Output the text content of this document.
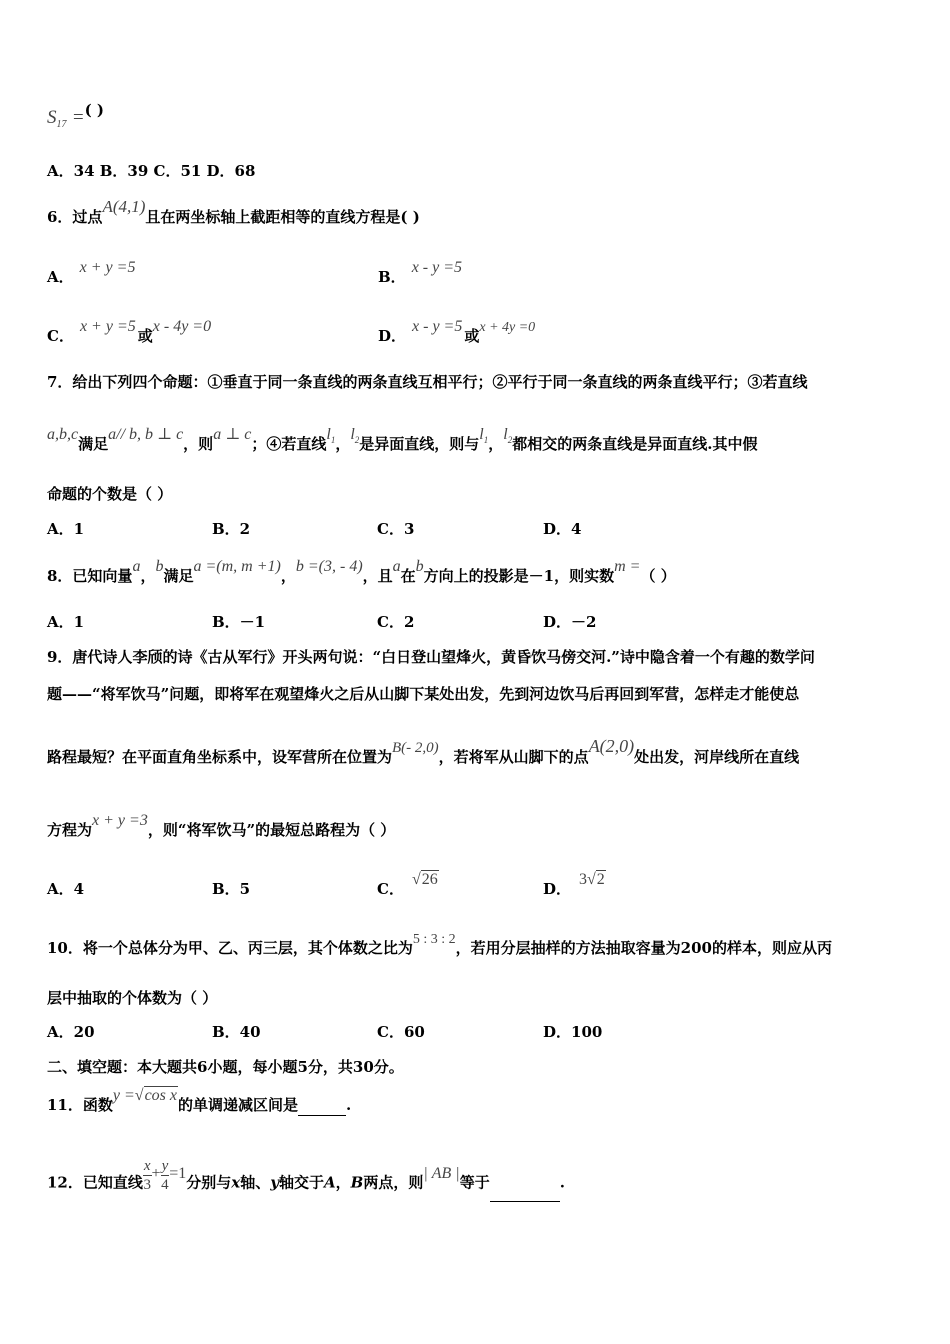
$S_{17}$ =( )
A．34 B．39 C．51 D．68
6．过点A(4,1)且在两坐标轴上截距相等的直线方程是( )
A．x + y =5
B．x - y =5
C．x + y =5或x - 4y =0
D．x - y =5或x + 4y =0
7．给出下列四个命题：①垂直于同一条直线的两条直线互相平行；②平行于同一条直线的两条直线平行；③若直线
a,b,c满足a// b, b ⊥ c，则a ⊥ c；④若直线$l^1$，$l^2$是异面直线，则与$l^1$，$l^2$都相交的两条直线是异面直线.其中假
命题的个数是（ ）
A．1	B．2	C．3	D．4
8．已知向量a，b满足a =(m, m +1)，b =(3, - 4)，且a在b方向上的投影是－1，则实数m =（ ）
A．1	B．－1	C．2	D．－2
9．唐代诗人李颀的诗《古从军行》开头两句说：“白日登山望烽火，黄昏饮马傍交河.”诗中隐含着一个有趣的数学问
题——“将军饮马”问题，即将军在观望烽火之后从山脚下某处出发，先到河边饮马后再回到军营，怎样走才能使总
路程最短？在平面直角坐标系中，设军营所在位置为B(- 2,0)，若将军从山脚下的点A(2,0)处出发，河岸线所在直线
方程为x + y =3，则“将军饮马”的最短总路程为（ ）
A．4	B．5	C．√26
D．3√2
10．将一个总体分为甲、乙、丙三层，其个体数之比为5 : 3 : 2，若用分层抽样的方法抽取容量为200的样本，则应从丙
层中抽取的个体数为（ ）
A．20	B．40	C．60	D．100
二、填空题：本大题共6小题，每小题5分，共30分。
11．函数y =√cos x的单调递减区间是	.
12．已知直线 $\frac{x}{3} + \frac{y}{4} =1$分别与x轴、y轴交于A，B两点，则| AB |等于	.
